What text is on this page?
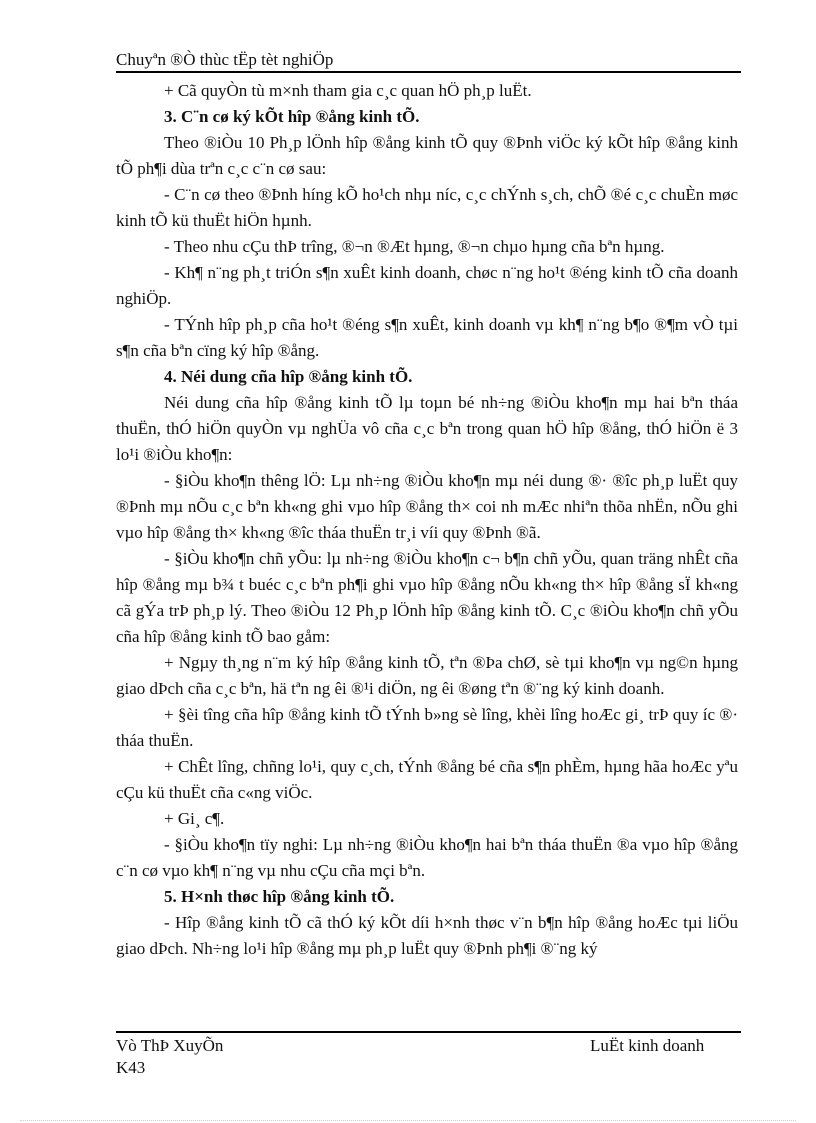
Chuyªn ®Ò thùc tËp tèt nghiÖp

+ Cã quyÒn tù m×nh tham gia c¸c quan hÖ ph¸p luËt.

3. C¨n cø ký kÕt hîp ®ång kinh tÕ.

Theo ®iÒu 10 Ph¸p lÖnh hîp ®ång kinh tÕ quy ®Þnh viÖc ký kÕt hîp ®ång kinh tÕ ph¶i dùa trªn c¸c c¨n cø sau:

- C¨n cø theo ®Þnh híng kÕ ho¹ch nhµ níc, c¸c chÝnh s¸ch, chÕ ®é c¸c chuÈn møc kinh tÕ kü thuËt hiÖn hµnh.

- Theo nhu cÇu thÞ trîng, ®¬n ®Æt hµng, ®¬n chµo hµng cña bªn hµng.

- Kh¶ n¨ng ph¸t triÓn s¶n xuÊt kinh doanh, chøc n¨ng ho¹t ®éng kinh tÕ cña doanh nghiÖp.

- TÝnh hîp ph¸p cña ho¹t ®éng s¶n xuÊt, kinh doanh vµ kh¶ n¨ng b¶o ®¶m vÒ tµi s¶n cña bªn cïng ký hîp ®ång.

4. Néi dung cña hîp ®ång kinh tÕ.

Néi dung cña hîp ®ång kinh tÕ lµ toµn bé nh÷ng ®iÒu kho¶n mµ hai bªn tháa thuËn, thÓ hiÖn quyÒn vµ nghÜa vô cña c¸c bªn trong quan hÖ hîp ®ång, thÓ hiÖn ë 3 lo¹i ®iÒu kho¶n:

- §iÒu kho¶n thêng lÖ: Lµ nh÷ng ®iÒu kho¶n mµ néi dung ®· ®îc ph¸p luËt quy ®Þnh mµ nÕu c¸c bªn kh«ng ghi vµo hîp ®ång th× coi nh mÆc nhiªn thõa nhËn, nÕu ghi vµo hîp ®ång th× kh«ng ®îc tháa thuËn tr¸i víi quy ®Þnh ®ã.

- §iÒu kho¶n chñ yÕu: lµ nh÷ng ®iÒu kho¶n c¬ b¶n chñ yÕu, quan träng nhÊt cña hîp ®ång mµ b¾ t buéc c¸c bªn ph¶i ghi vµo hîp ®ång nÕu kh«ng th× hîp ®ång sÏ kh«ng cã gÝa trÞ ph¸p lý. Theo ®iÒu 12 Ph¸p lÖnh hîp ®ång kinh tÕ. C¸c ®iÒu kho¶n chñ yÕu cña hîp ®ång kinh tÕ bao gåm:

+ Ngµy th¸ng n¨m ký hîp ®ång kinh tÕ, tªn ®Þa chØ, sè tµi kho¶n vµ ng©n hµng giao dÞch cña c¸c bªn, hä tªn ng êi ®¹i diÖn, ng êi ®øng tªn ®¨ng ký kinh doanh.

+ §èi tîng cña hîp ®ång kinh tÕ tÝnh b»ng sè lîng, khèi lîng hoÆc gi¸ trÞ quy íc ®· tháa thuËn.

+ ChÊt lîng, chñng lo¹i, quy c¸ch, tÝnh ®ång bé cña s¶n phÈm, hµng hãa hoÆc yªu cÇu kü thuËt cña c«ng viÖc.

+ Gi¸ c¶.

- §iÒu kho¶n tïy nghi: Lµ nh÷ng ®iÒu kho¶n hai bªn tháa thuËn ®a vµo hîp ®ång c¨n cø vµo kh¶ n¨ng vµ nhu cÇu cña mçi bªn.

5. H×nh thøc hîp ®ång kinh tÕ.

- Hîp ®ång kinh tÕ cã thÓ ký kÕt díi h×nh thøc v¨n b¶n hîp ®ång hoÆc tµi liÖu giao dÞch. Nh÷ng lo¹i hîp ®ång mµ ph¸p luËt quy ®Þnh ph¶i ®¨ng ký

Vò ThÞ XuyÕn
K43
LuËt kinh doanh
